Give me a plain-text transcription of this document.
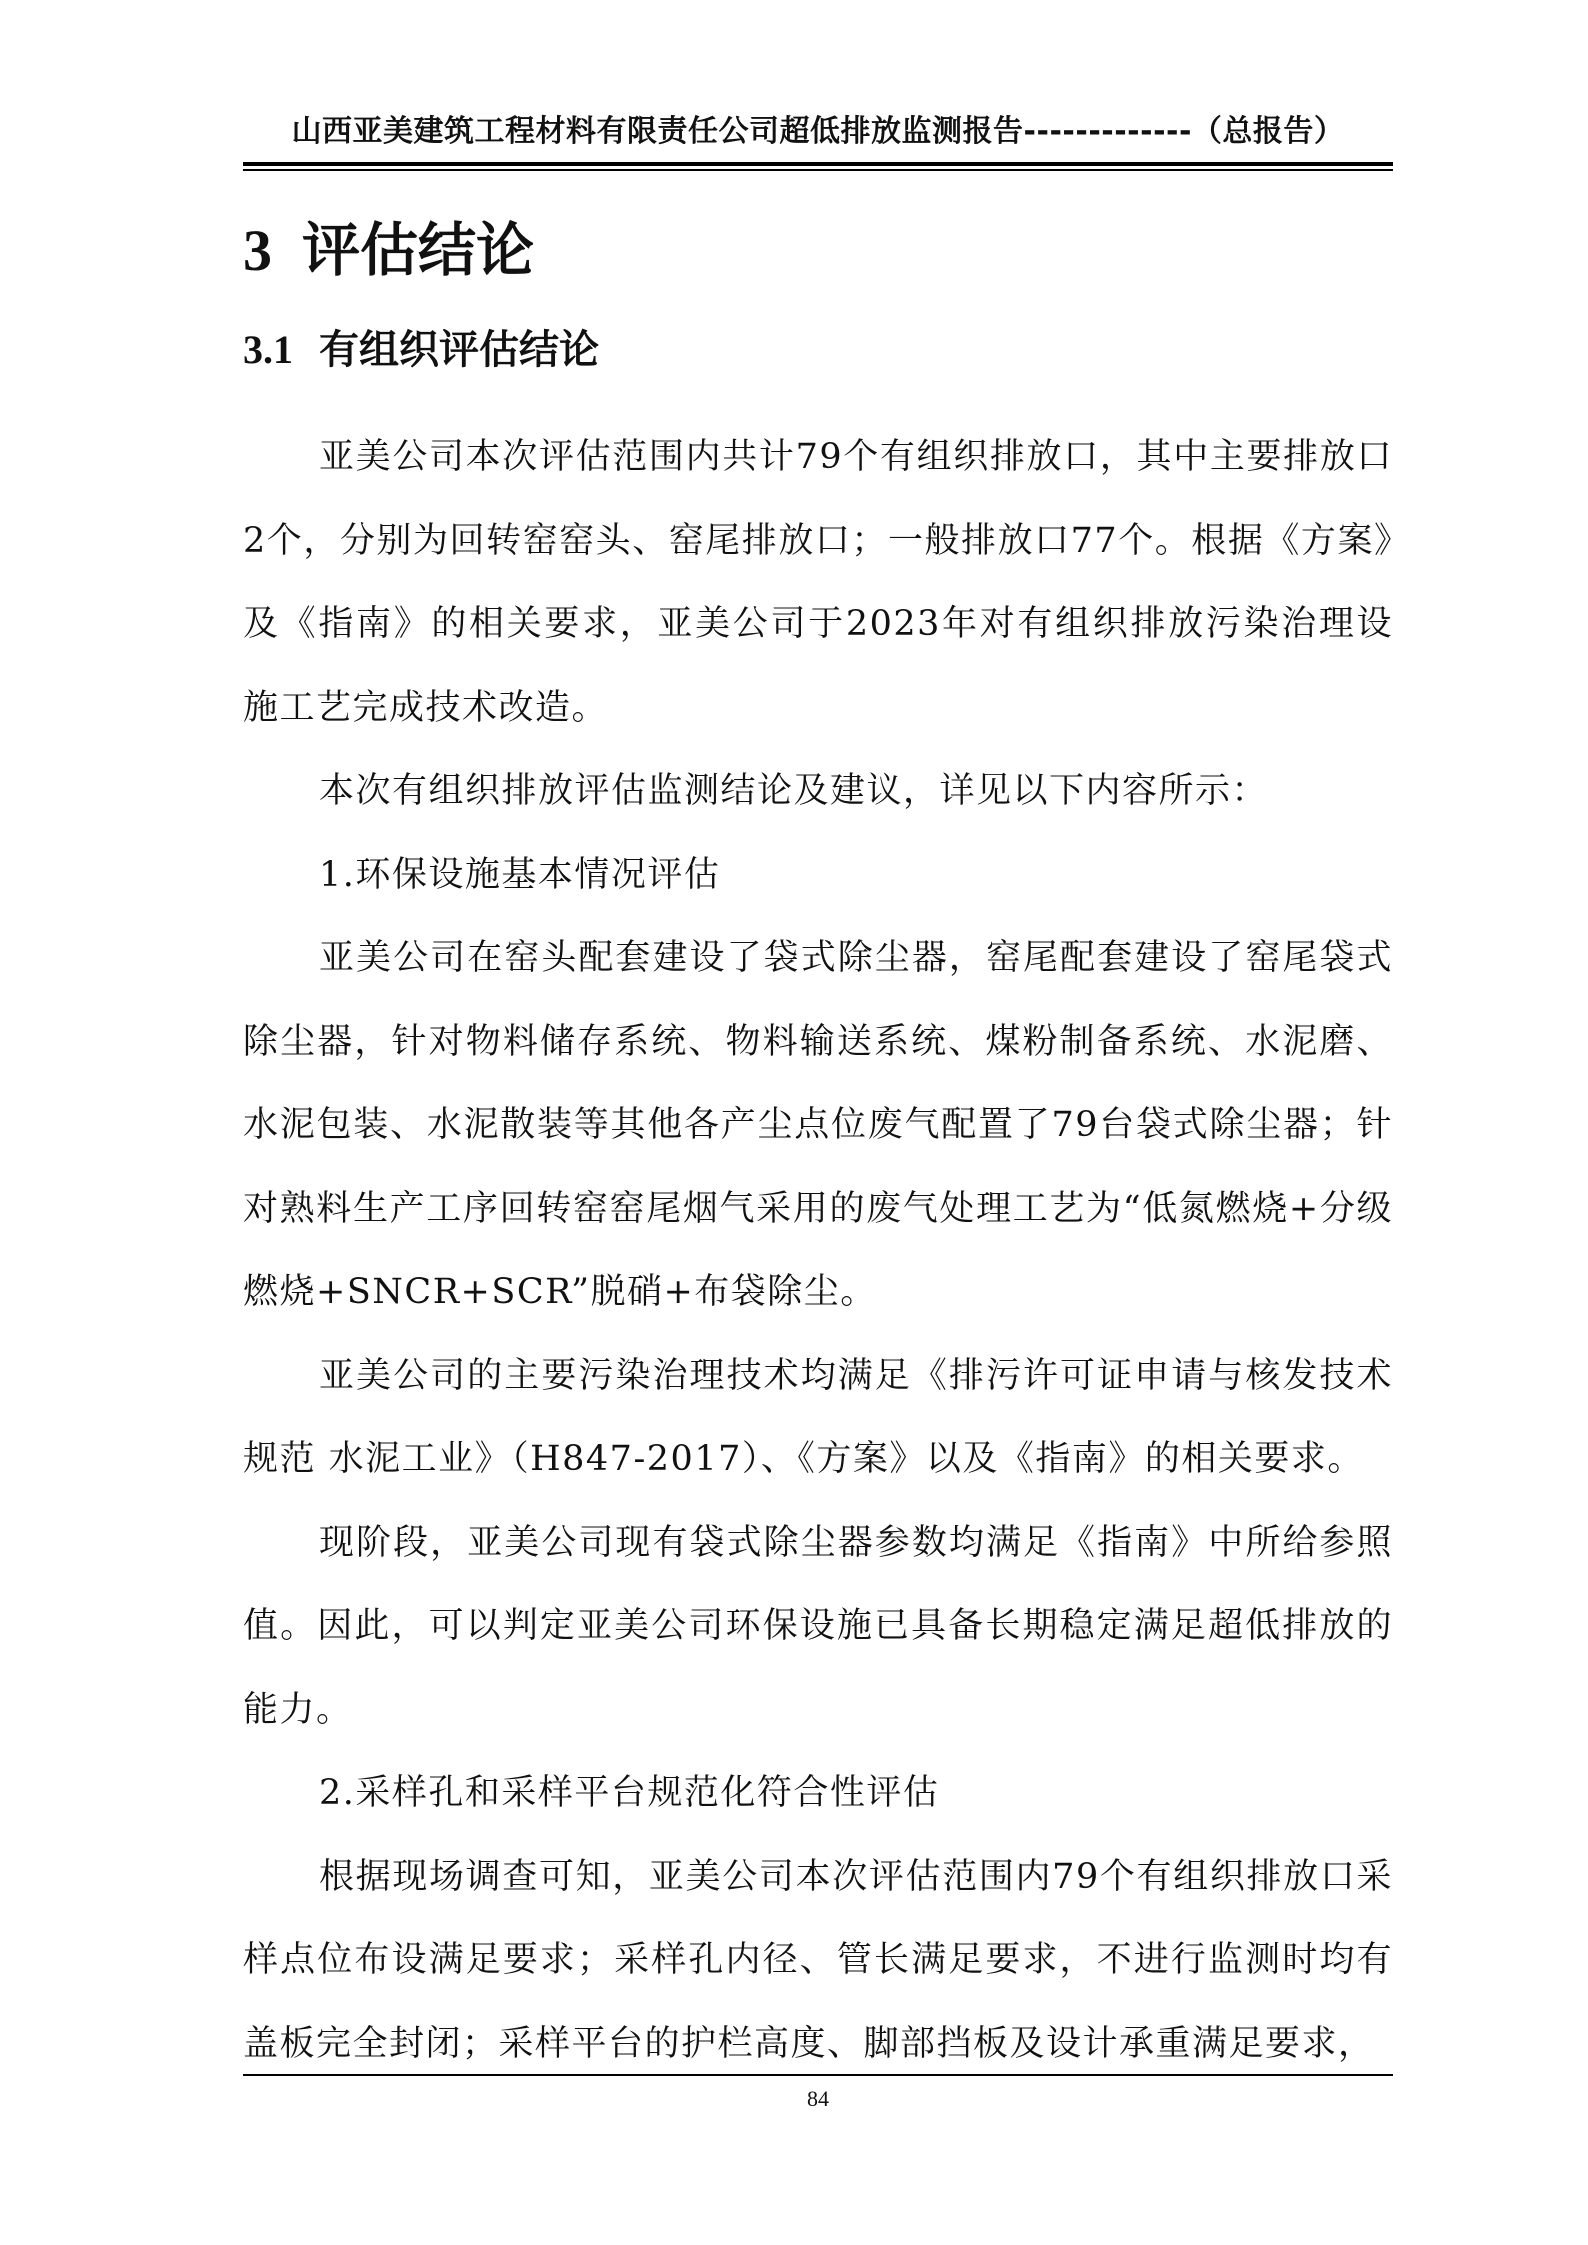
山西亚美建筑工程材料有限责任公司超低排放监测报告-------------（总报告）
3 评估结论
3.1 有组织评估结论

亚美公司本次评估范围内共计79个有组织排放口，其中主要排放口2个，分别为回转窑窑头、窑尾排放口；一般排放口77个。根据《方案》及《指南》的相关要求，亚美公司于2023年对有组织排放污染治理设施工艺完成技术改造。

本次有组织排放评估监测结论及建议，详见以下内容所示：

1.环保设施基本情况评估

亚美公司在窑头配套建设了袋式除尘器，窑尾配套建设了窑尾袋式除尘器，针对物料储存系统、物料输送系统、煤粉制备系统、水泥磨、水泥包装、水泥散装等其他各产尘点位废气配置了79台袋式除尘器；针对熟料生产工序回转窑窑尾烟气采用的废气处理工艺为“低氮燃烧+分级燃烧+SNCR+SCR”脱硝+布袋除尘。

亚美公司的主要污染治理技术均满足《排污许可证申请与核发技术规范 水泥工业》（H847-2017）、《方案》以及《指南》的相关要求。

现阶段，亚美公司现有袋式除尘器参数均满足《指南》中所给参照值。因此，可以判定亚美公司环保设施已具备长期稳定满足超低排放的能力。

2.采样孔和采样平台规范化符合性评估

根据现场调查可知，亚美公司本次评估范围内79个有组织排放口采样点位布设满足要求；采样孔内径、管长满足要求，不进行监测时均有盖板完全封闭；采样平台的护栏高度、脚部挡板及设计承重满足要求，

84
